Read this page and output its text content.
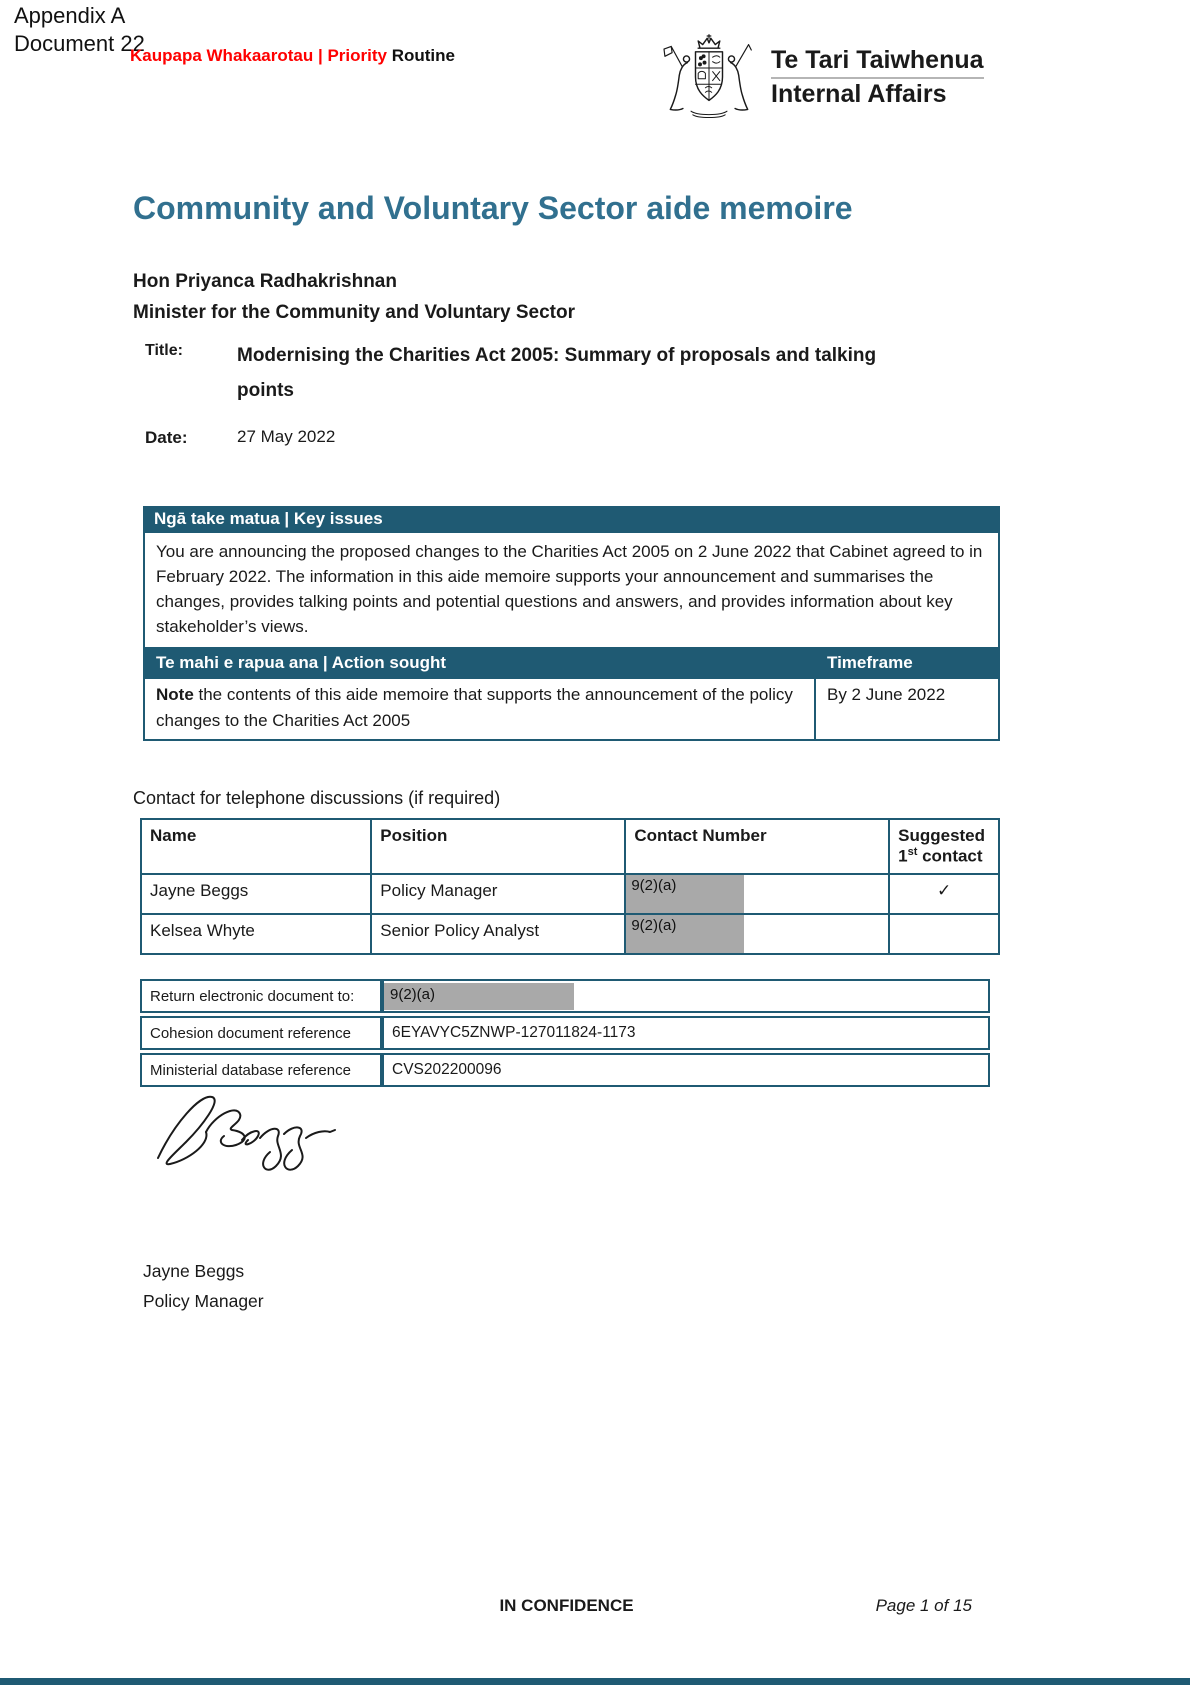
Appendix A
Document 22
Kaupapa Whakaarotau | Priority Routine	Te Tari Taiwhenua
Internal Affairs
Community and Voluntary Sector aide memoire
Hon Priyanca Radhakrishnan
Minister for the Community and Voluntary Sector
Title:	Modernising the Charities Act 2005: Summary of proposals and talking points
Date:	27 May 2022
Ngā take matua | Key issues
You are announcing the proposed changes to the Charities Act 2005 on 2 June 2022 that Cabinet agreed to in February 2022. The information in this aide memoire supports your announcement and summarises the changes, provides talking points and potential questions and answers, and provides information about key stakeholder’s views.
Te mahi e rapua ana | Action sought	Timeframe
Note the contents of this aide memoire that supports the announcement of the policy changes to the Charities Act 2005	By 2 June 2022
Contact for telephone discussions (if required)
Name	Position	Contact Number	Suggested
1st contact
Jayne Beggs	Policy Manager	9(2)(a)	✓
Kelsea Whyte	Senior Policy Analyst	9(2)(a)	

Return electronic document to:	9(2)(a)

Cohesion document reference	6EYAVYC5ZNWP-127011824-1173
Ministerial database reference	CVS202200096
Jayne Beggs
Policy Manager
IN CONFIDENCE	Page 1 of 15
